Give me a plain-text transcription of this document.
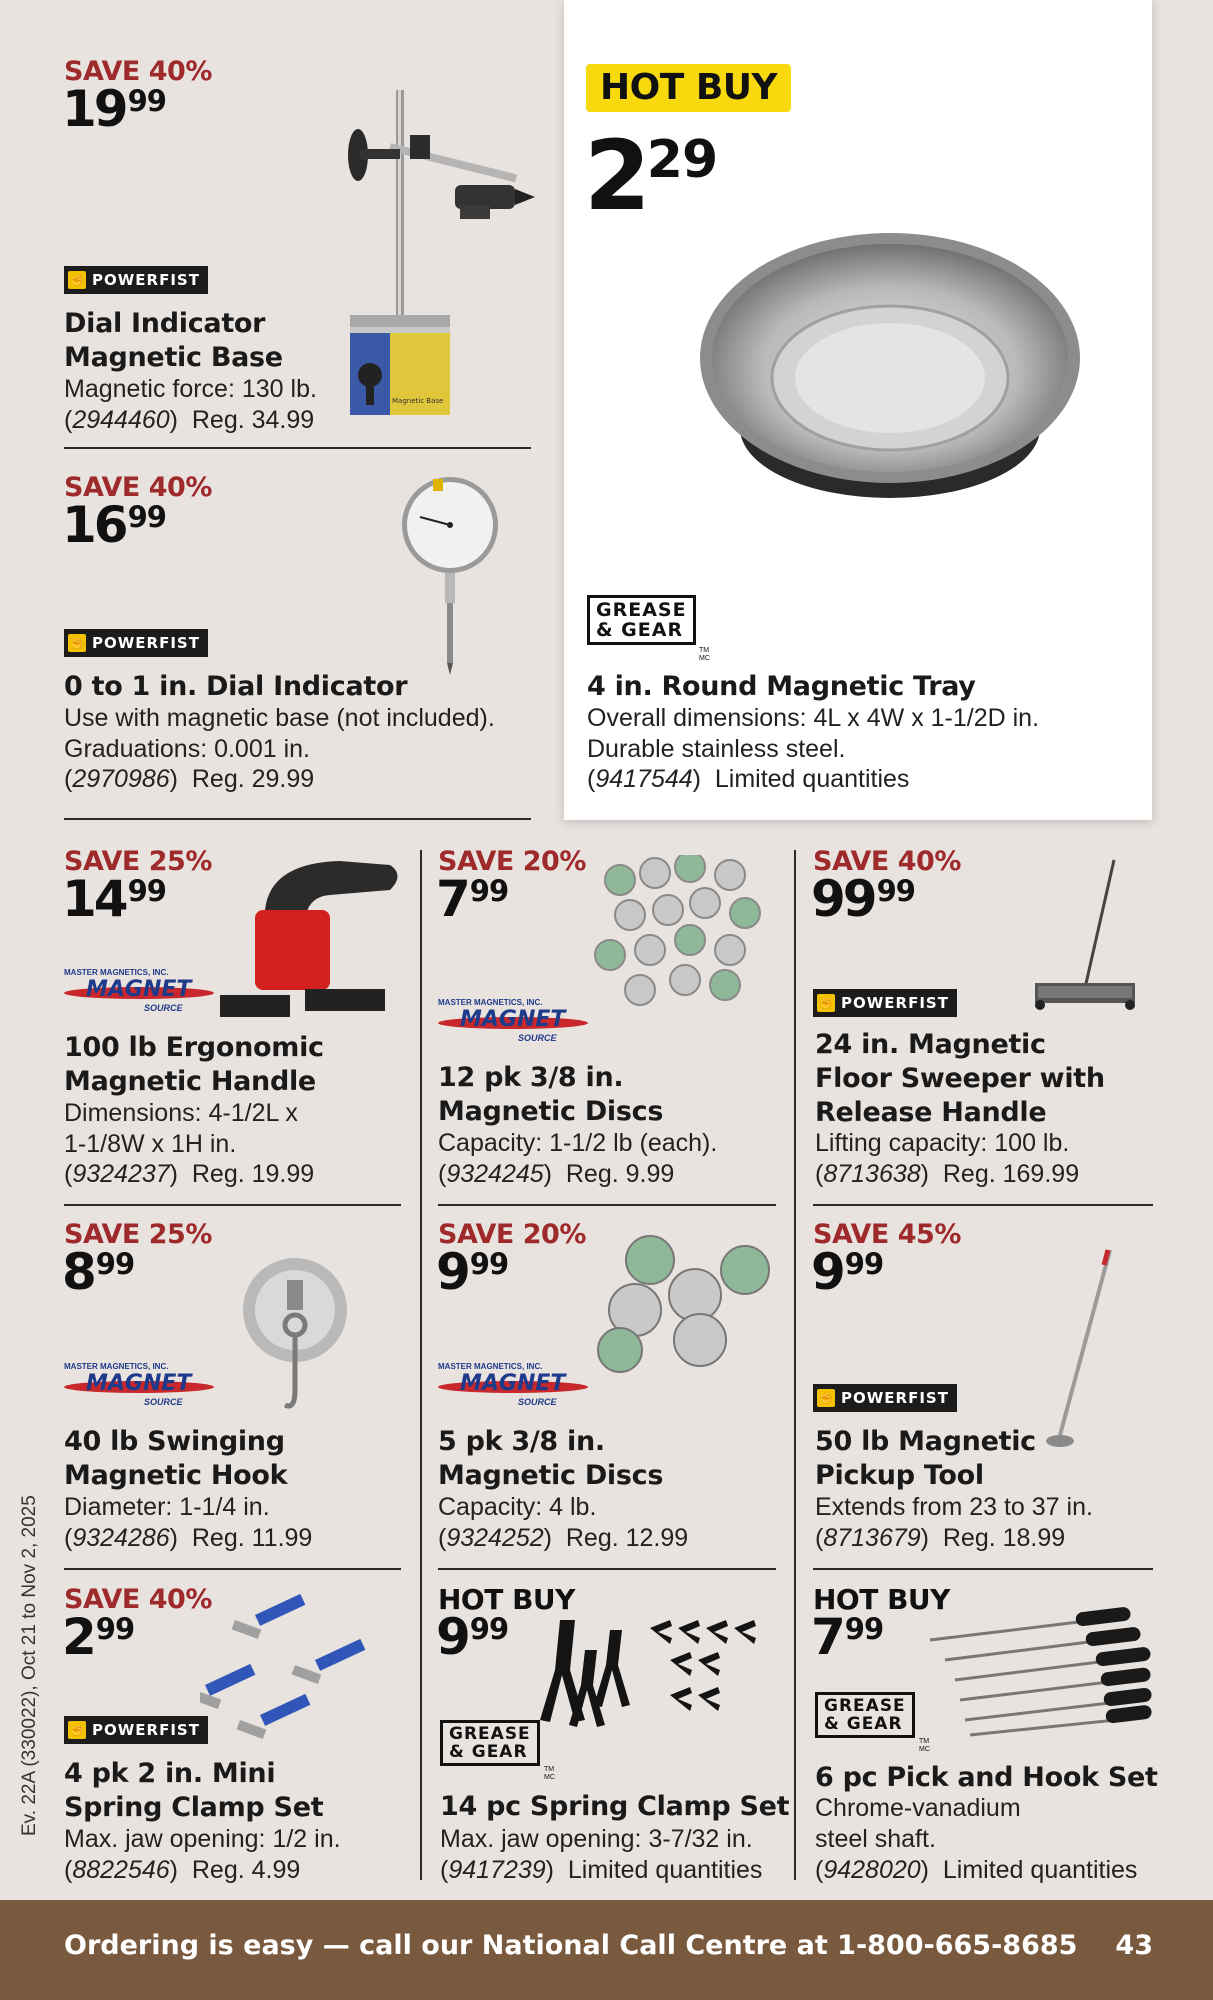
Ev. 22A (330022), Oct 21 to Nov 2, 2025
SAVE 40%
1999
Magnetic Base
✊ POWERFIST
Dial Indicator
Magnetic Base
Magnetic force: 130 lb.
(2944460)  Reg. 34.99
SAVE 40%
1699
✊ POWERFIST
0 to 1 in. Dial Indicator
Use with magnetic base (not included).
Graduations: 0.001 in.
(2970986)  Reg. 29.99
HOT BUY
229
GREASE
& GEAR
TM
MC
4 in. Round Magnetic Tray
Overall dimensions: 4L x 4W x 1-1/2D in.
Durable stainless steel.
(9417544)  Limited quantities
SAVE 25%
1499
MASTER MAGNETICS, INC.
MAGNET
SOURCE
100 lb Ergonomic
Magnetic Handle
Dimensions: 4-1/2L x
1-1/8W x 1H in.
(9324237)  Reg. 19.99
SAVE 20%
799
MASTER MAGNETICS, INC.
MAGNET
SOURCE
12 pk 3/8 in.
Magnetic Discs
Capacity: 1-1/2 lb (each).
(9324245)  Reg. 9.99
SAVE 40%
9999
✊ POWERFIST
24 in. Magnetic
Floor Sweeper with
Release Handle
Lifting capacity: 100 lb.
(8713638)  Reg. 169.99
SAVE 25%
899
MASTER MAGNETICS, INC.
MAGNET
SOURCE
40 lb Swinging
Magnetic Hook
Diameter: 1-1/4 in.
(9324286)  Reg. 11.99
SAVE 20%
999
MASTER MAGNETICS, INC.
MAGNET
SOURCE
5 pk 3/8 in.
Magnetic Discs
Capacity: 4 lb.
(9324252)  Reg. 12.99
SAVE 45%
999
✊ POWERFIST
50 lb Magnetic
Pickup Tool
Extends from 23 to 37 in.
(8713679)  Reg. 18.99
SAVE 40%
299
✊ POWERFIST
4 pk 2 in. Mini
Spring Clamp Set
Max. jaw opening: 1/2 in.
(8822546)  Reg. 4.99
HOT BUY
999
GREASE
& GEAR
TM
MC
14 pc Spring Clamp Set
Max. jaw opening: 3-7/32 in.
(9417239)  Limited quantities
HOT BUY
799
GREASE
& GEAR
TM
MC
6 pc Pick and Hook Set
Chrome-vanadium
steel shaft.
(9428020)  Limited quantities
Ordering is easy — call our National Call Centre at 1-800-665-8685 43
